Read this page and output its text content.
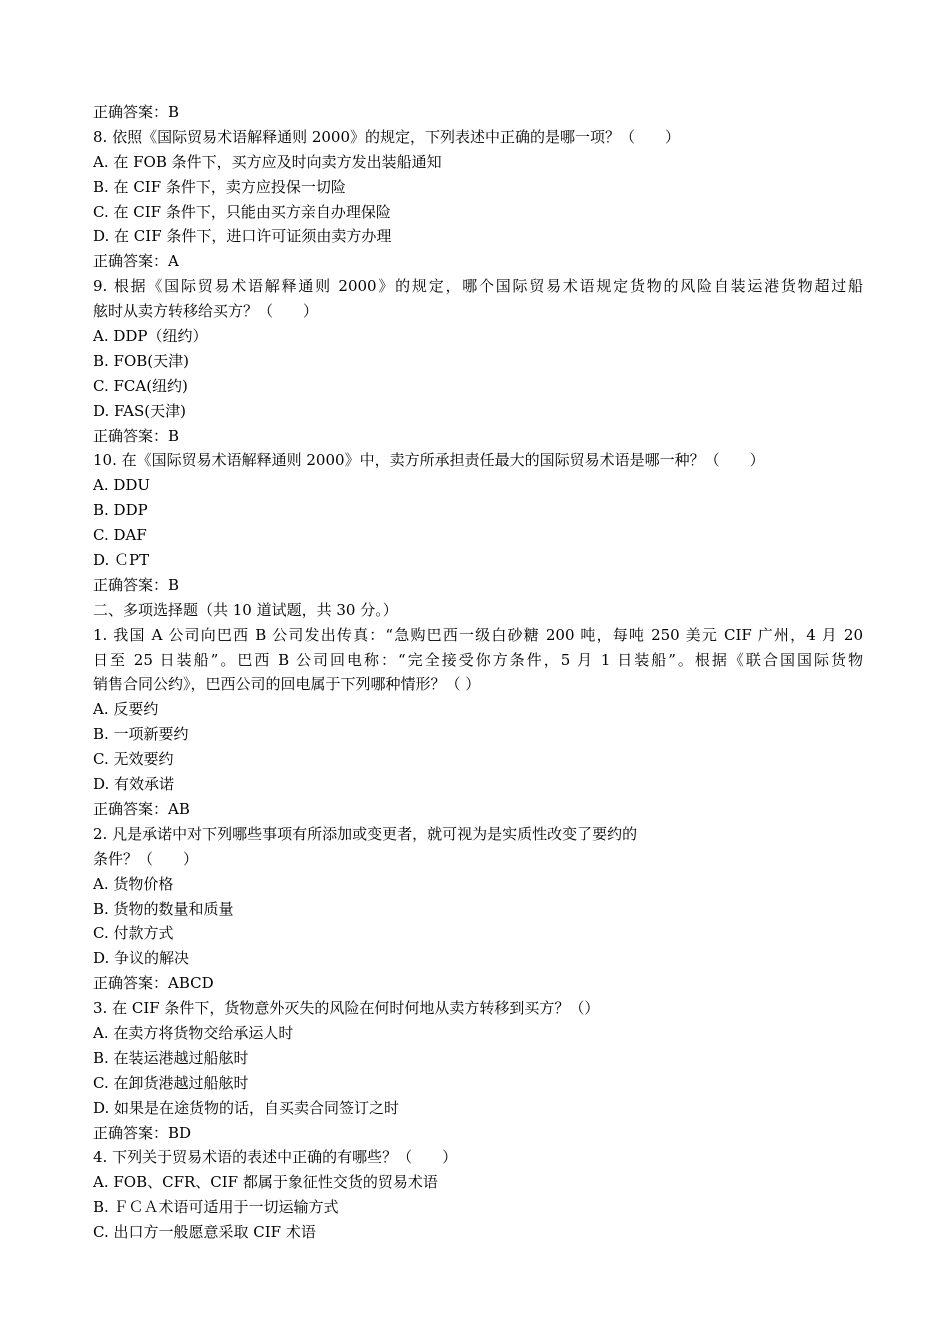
正确答案：B
8. 依照《国际贸易术语解释通则 2000》的规定，下列表述中正确的是哪一项？（　　）
A. 在 FOB 条件下，买方应及时向卖方发出装船通知
B. 在 CIF 条件下，卖方应投保一切险
C. 在 CIF 条件下，只能由买方亲自办理保险
D. 在 CIF 条件下，进口许可证须由卖方办理
正确答案：A
9. 根据《国际贸易术语解释通则 2000》的规定，哪个国际贸易术语规定货物的风险自装运港货物超过船
舷时从卖方转移给买方？（　　）
A. DDP（纽约）
B. FOB(天津)
C. FCA(纽约)
D. FAS(天津)
正确答案：B
10. 在《国际贸易术语解释通则 2000》中，卖方所承担责任最大的国际贸易术语是哪一种？（　　）
A. DDU
B. DDP
C. DAF
D. ＣPT
正确答案：B
二、多项选择题（共 10 道试题，共 30 分。）
1. 我国 A 公司向巴西 B 公司发出传真：“急购巴西一级白砂糖 200 吨，每吨 250 美元 CIF 广州，4 月 20
日至 25 日装船”。巴西 B 公司回电称：“完全接受你方条件，5 月 1 日装船”。根据《联合国国际货物
销售合同公约》，巴西公司的回电属于下列哪种情形？（ ）
A. 反要约
B. 一项新要约
C. 无效要约
D. 有效承诺
正确答案：AB
2. 凡是承诺中对下列哪些事项有所添加或变更者，就可视为是实质性改变了要约的
条件？（　　）
A. 货物价格
B. 货物的数量和质量
C. 付款方式
D. 争议的解决
正确答案：ABCD
3. 在 CIF 条件下，货物意外灭失的风险在何时何地从卖方转移到买方？（）
A. 在卖方将货物交给承运人时
B. 在装运港越过船舷时
C. 在卸货港越过船舷时
D. 如果是在途货物的话，自买卖合同签订之时
正确答案：BD
4. 下列关于贸易术语的表述中正确的有哪些？（　　）
A. FOB、CFR、CIF 都属于象征性交货的贸易术语
B. ＦＣＡ术语可适用于一切运输方式
C. 出口方一般愿意采取 CIF 术语
